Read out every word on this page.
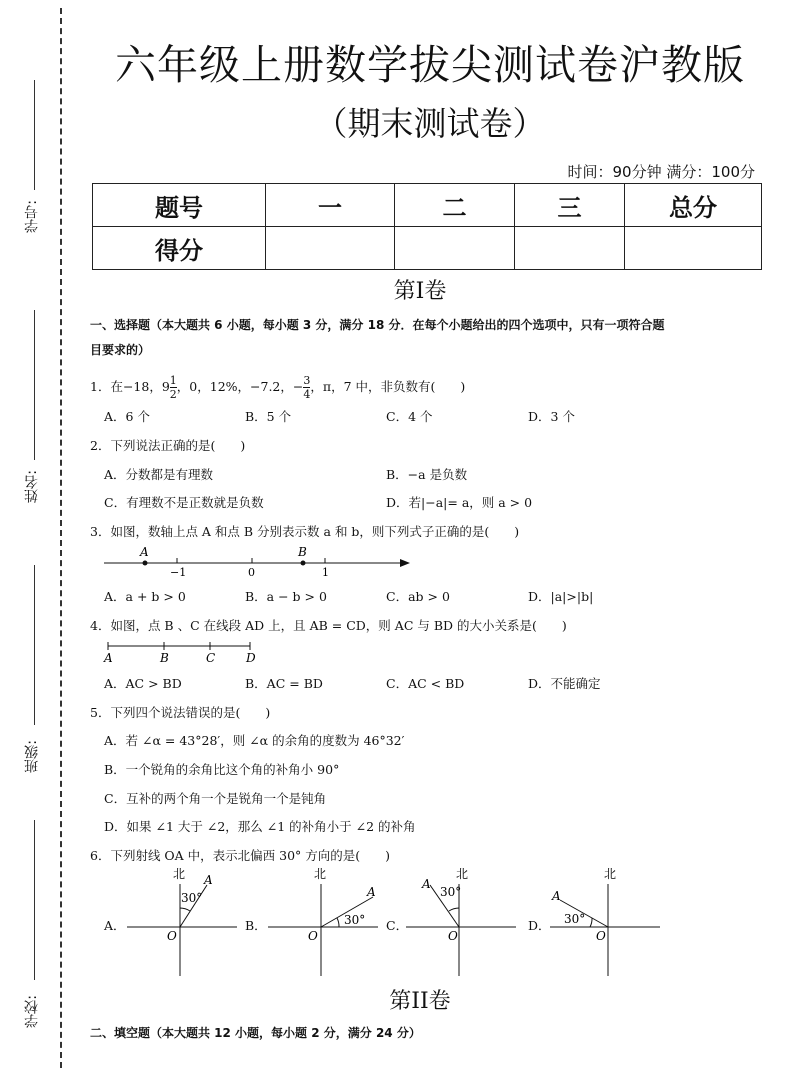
学号:
姓名:
班级:
学校:
六年级上册数学拔尖测试卷沪教版
（期末测试卷）
时间：90分钟 满分：100分
题号	一	二	三	总分
得分				
第I卷
一、选择题（本大题共 6 小题，每小题 3 分，满分 18 分．在每个小题给出的四个选项中，只有一项符合题
目要求的）
1．在−18，$9 \frac{1}{2}$ ，0，12%，−7.2，− $\frac{3}{4}$ ，π，7 中，非负数有(　　)
A．6 个	B．5 个	C．4 个	D．3 个
2．下列说法正确的是(　　)
A．分数都是有理数	B．−a 是负数
C．有理数不是正数就是负数	D．若|−a|= a，则 a > 0
3．如图，数轴上点 A 和点 B 分别表示数 a 和 b，则下列式子正确的是(　　)
A	B
−1	0	1
A．a + b > 0	B．a − b > 0	C．ab > 0	D．|a|>|b|
4．如图，点 B 、C 在线段 AD 上，且 AB = CD，则 AC 与 BD 的大小关系是(　　)
A	B	C	D
A．AC > BD	B．AC = BD	C．AC < BD	D．不能确定
5．下列四个说法错误的是(　　)
A．若 ∠α = 43°28′，则 ∠α 的余角的度数为 46°32′
B．一个锐角的余角比这个角的补角小 90°
C．互补的两个角一个是锐角一个是钝角
D．如果 ∠1 大于 ∠2，那么 ∠1 的补角小于 ∠2 的补角
6．下列射线 OA 中，表示北偏西 30° 方向的是(　　)
A．
北
30°
A
O
B．
北
30°
A
O
C．
北
30°
A
O
D．
北
30°
A
O
第II卷
二、填空题（本大题共 12 小题，每小题 2 分，满分 24 分）
